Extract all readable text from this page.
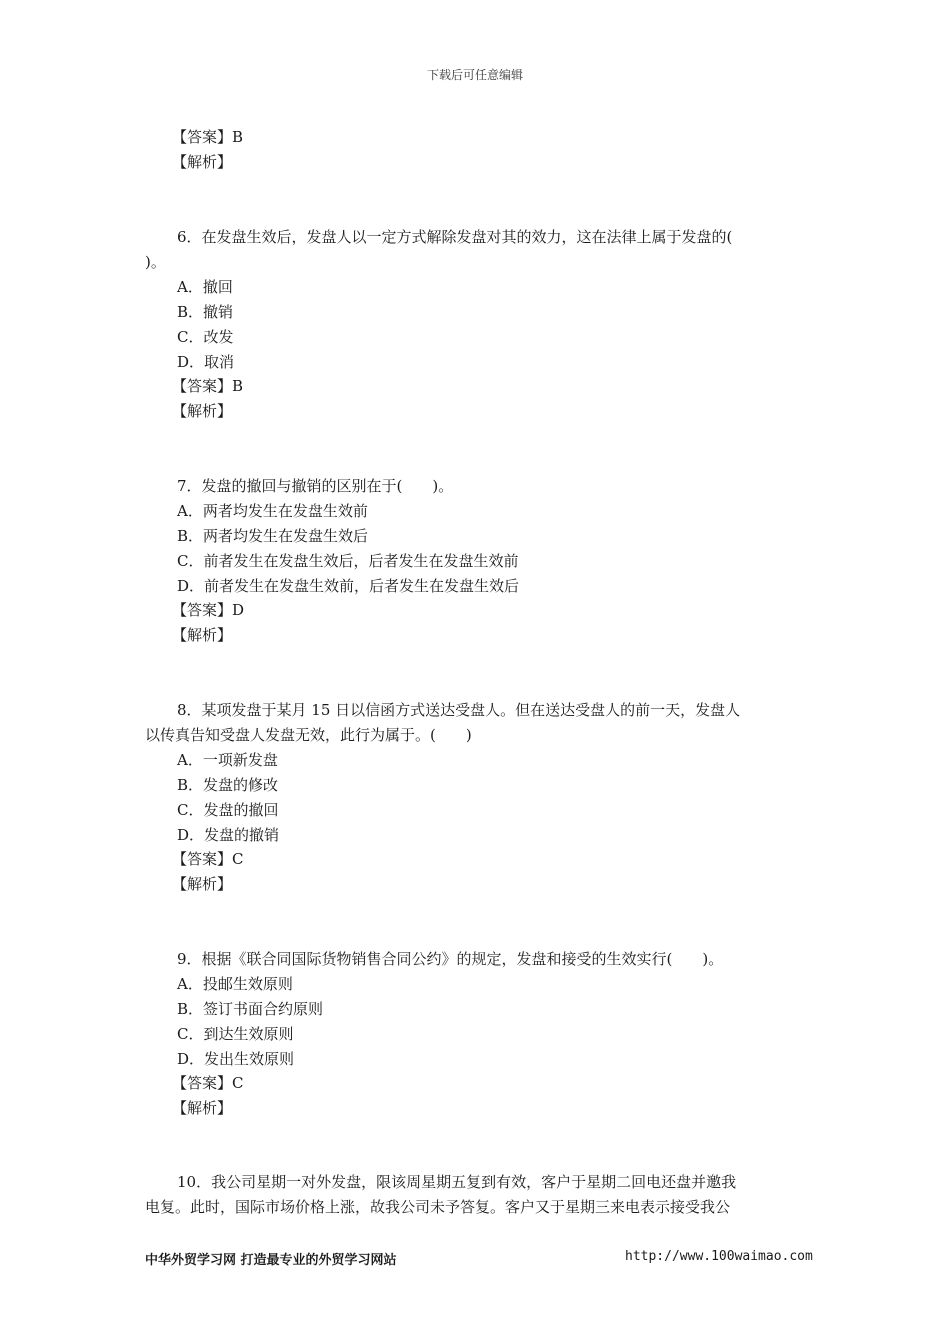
下载后可任意编辑
【答案】B
【解析】
6．在发盘生效后，发盘人以一定方式解除发盘对其的效力，这在法律上属于发盘的(
)。
A．撤回
B．撤销
C．改发
D．取消
【答案】B
【解析】
7．发盘的撤回与撤销的区别在于(　　)。
A．两者均发生在发盘生效前
B．两者均发生在发盘生效后
C．前者发生在发盘生效后，后者发生在发盘生效前
D．前者发生在发盘生效前，后者发生在发盘生效后
【答案】D
【解析】
8．某项发盘于某月 15 日以信函方式送达受盘人。但在送达受盘人的前一天，发盘人
以传真告知受盘人发盘无效，此行为属于。(　　)
A．一项新发盘
B．发盘的修改
C．发盘的撤回
D．发盘的撤销
【答案】C
【解析】
9．根据《联合同国际货物销售合同公约》的规定，发盘和接受的生效实行(　　)。
A．投邮生效原则
B．签订书面合约原则
C．到达生效原则
D．发出生效原则
【答案】C
【解析】
10．我公司星期一对外发盘，限该周星期五复到有效，客户于星期二回电还盘并邀我
电复。此时，国际市场价格上涨，故我公司未予答复。客户又于星期三来电表示接受我公
中华外贸学习网 打造最专业的外贸学习网站	http://www.100waimao.com
